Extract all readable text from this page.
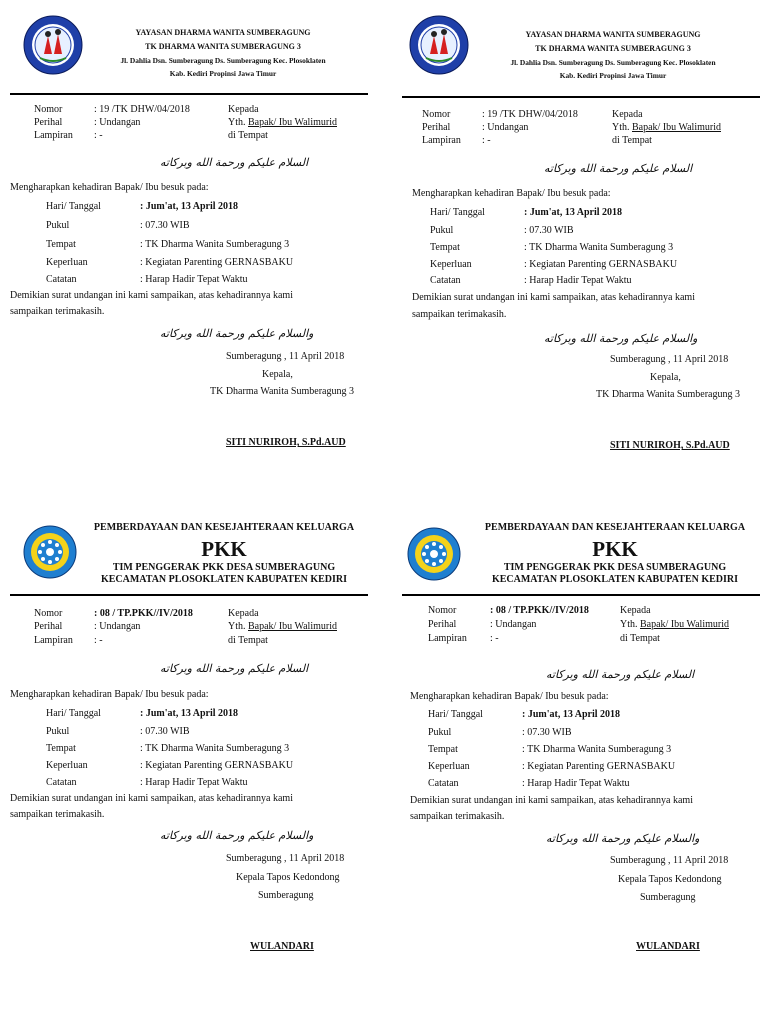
YAYASAN DHARMA WANITA SUMBERAGUNG
TK DHARMA WANITA SUMBERAGUNG 3
Jl. Dahlia Dsn. Sumberagung Ds. Sumberagung Kec. Plosoklaten
Kab. Kediri Propinsi Jawa Timur
Nomor	: 19 /TK DHW/04/2018
Perihal	: Undangan
Lampiran : -
Kepada
Yth. Bapak/ Ibu Walimurid
di Tempat
السلام عليكم ورحمة الله وبركاته
Mengharapkan kehadiran Bapak/ Ibu besuk pada:
Hari/ Tanggal	: Jum'at, 13 April 2018
Pukul	: 07.30 WIB
Tempat	: TK Dharma Wanita Sumberagung 3
Keperluan	: Kegiatan Parenting GERNASBAKU
Catatan	: Harap Hadir Tepat Waktu
Demikian surat undangan ini kami sampaikan, atas kehadirannya kami
sampaikan terimakasih.
والسلام عليكم ورحمة الله وبركاته
Sumberagung , 11 April 2018
Kepala,
TK Dharma Wanita Sumberagung 3
SITI NURIROH, S.Pd.AUD
YAYASAN DHARMA WANITA SUMBERAGUNG
TK DHARMA WANITA SUMBERAGUNG 3
Jl. Dahlia Dsn. Sumberagung Ds. Sumberagung Kec. Plosoklaten
Kab. Kediri Propinsi Jawa Timur
Nomor	: 19 /TK DHW/04/2018
Perihal	: Undangan
Lampiran : -
Kepada
Yth. Bapak/ Ibu Walimurid
di Tempat
السلام عليكم ورحمة الله وبركاته
Mengharapkan kehadiran Bapak/ Ibu besuk pada:
Hari/ Tanggal	: Jum'at, 13 April 2018
Pukul	: 07.30 WIB
Tempat	: TK Dharma Wanita Sumberagung 3
Keperluan	: Kegiatan Parenting GERNASBAKU
Catatan	: Harap Hadir Tepat Waktu
Demikian surat undangan ini kami sampaikan, atas kehadirannya kami
sampaikan terimakasih.
والسلام عليكم ورحمة الله وبركاته
Sumberagung , 11 April 2018
Kepala,
TK Dharma Wanita Sumberagung 3
SITI NURIROH, S.Pd.AUD
PEMBERDAYAAN DAN KESEJAHTERAAN KELUARGA
PKK
TIM PENGGERAK PKK DESA SUMBERAGUNG
KECAMATAN PLOSOKLATEN KABUPATEN KEDIRI
Nomor	: 08 / TP.PKK//IV/2018
Perihal	: Undangan
Lampiran : -
Kepada
Yth. Bapak/ Ibu Walimurid
di Tempat
السلام عليكم ورحمة الله وبركاته
Mengharapkan kehadiran Bapak/ Ibu besuk pada:
Hari/ Tanggal	: Jum'at, 13 April 2018
Pukul	: 07.30 WIB
Tempat	: TK Dharma Wanita Sumberagung 3
Keperluan	: Kegiatan Parenting GERNASBAKU
Catatan	: Harap Hadir Tepat Waktu
Demikian surat undangan ini kami sampaikan, atas kehadirannya kami
sampaikan terimakasih.
والسلام عليكم ورحمة الله وبركاته
Sumberagung , 11 April 2018
Kepala Tapos Kedondong
Sumberagung
WULANDARI
PEMBERDAYAAN DAN KESEJAHTERAAN KELUARGA
PKK
TIM PENGGERAK PKK DESA SUMBERAGUNG
KECAMATAN PLOSOKLATEN KABUPATEN KEDIRI
Nomor	: 08 / TP.PKK//IV/2018
Perihal	: Undangan
Lampiran : -
Kepada
Yth. Bapak/ Ibu Walimurid
di Tempat
السلام عليكم ورحمة الله وبركاته
Mengharapkan kehadiran Bapak/ Ibu besuk pada:
Hari/ Tanggal	: Jum'at, 13 April 2018
Pukul	: 07.30 WIB
Tempat	: TK Dharma Wanita Sumberagung 3
Keperluan	: Kegiatan Parenting GERNASBAKU
Catatan	: Harap Hadir Tepat Waktu
Demikian surat undangan ini kami sampaikan, atas kehadirannya kami
sampaikan terimakasih.
والسلام عليكم ورحمة الله وبركاته
Sumberagung , 11 April 2018
Kepala Tapos Kedondong
Sumberagung
WULANDARI
